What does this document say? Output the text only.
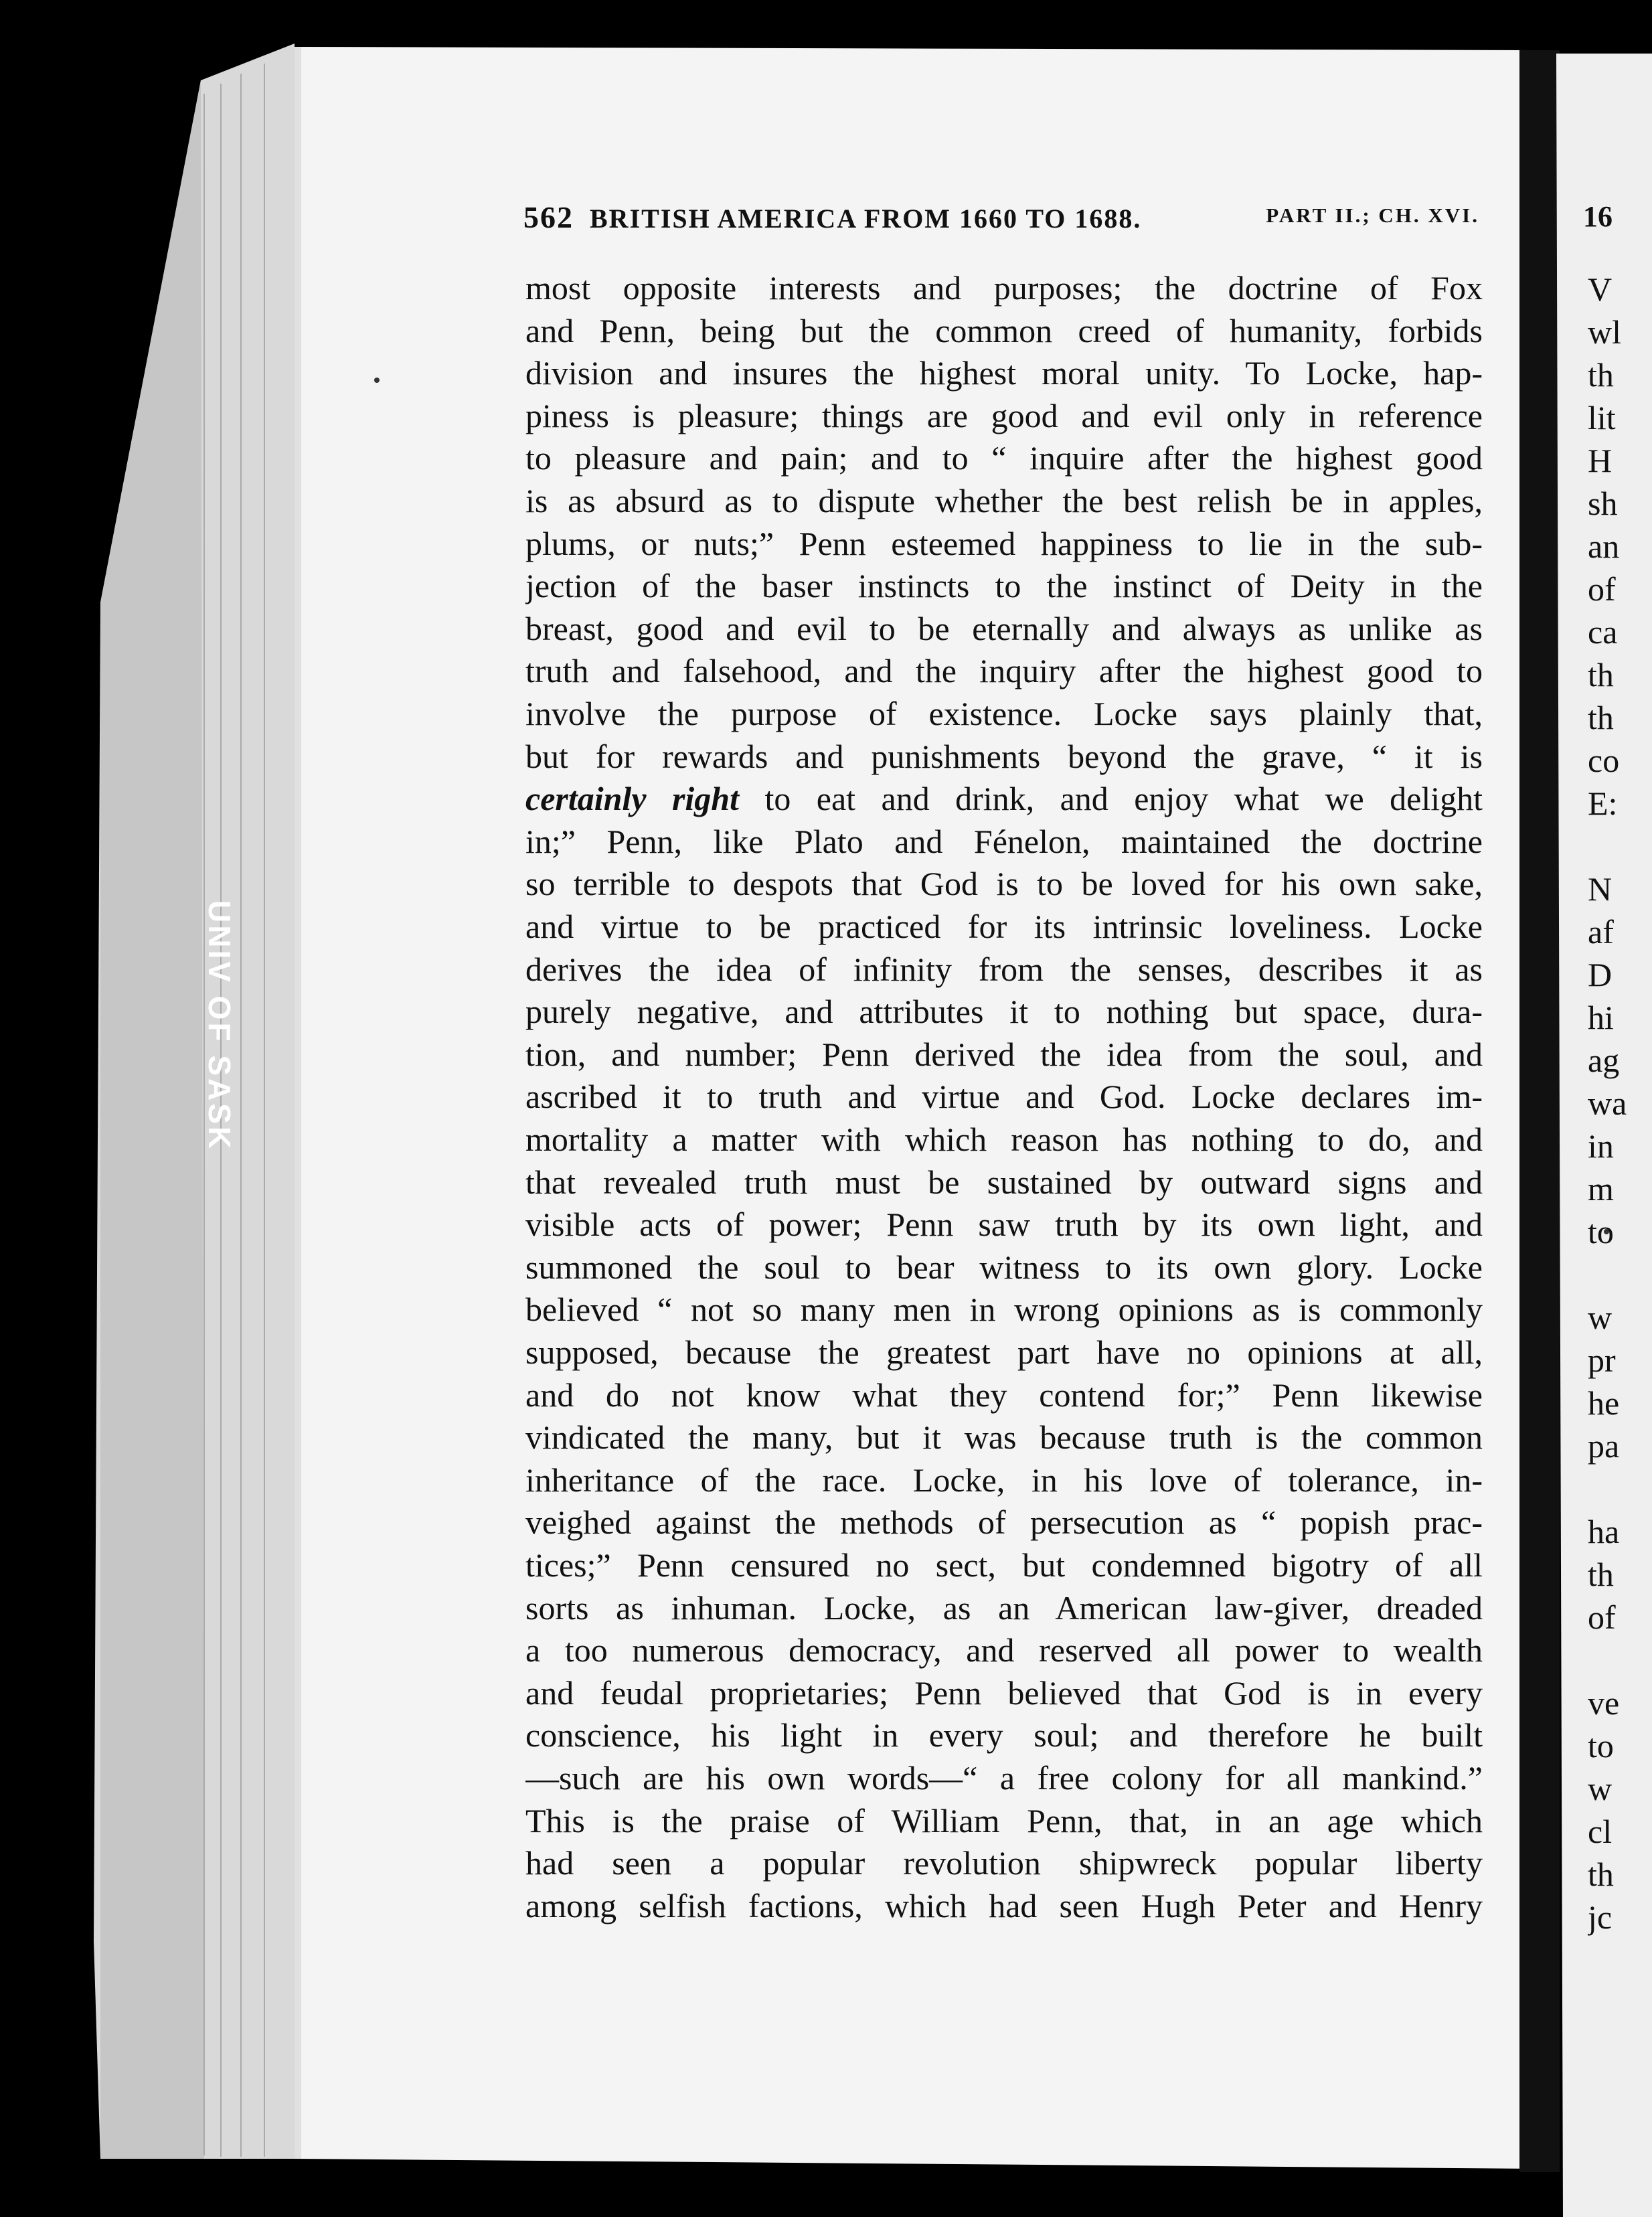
562 BRITISH AMERICA FROM 1660 TO 1688.	PART II.; CH. XVI.
most opposite interests and purposes; the doctrine of Fox
and Penn, being but the common creed of humanity, forbids
division and insures the highest moral unity. To Locke, hap-
piness is pleasure; things are good and evil only in reference
to pleasure and pain; and to “ inquire after the highest good
is as absurd as to dispute whether the best relish be in apples,
plums, or nuts;” Penn esteemed happiness to lie in the sub-
jection of the baser instincts to the instinct of Deity in the
breast, good and evil to be eternally and always as unlike as
truth and falsehood, and the inquiry after the highest good to
involve the purpose of existence. Locke says plainly that,
but for rewards and punishments beyond the grave, “ it is
certainly right to eat and drink, and enjoy what we delight
in;” Penn, like Plato and Fénelon, maintained the doctrine
so terrible to despots that God is to be loved for his own sake,
and virtue to be practiced for its intrinsic loveliness. Locke
derives the idea of infinity from the senses, describes it as
purely negative, and attributes it to nothing but space, dura-
tion, and number; Penn derived the idea from the soul, and
ascribed it to truth and virtue and God. Locke declares im-
mortality a matter with which reason has nothing to do, and
that revealed truth must be sustained by outward signs and
visible acts of power; Penn saw truth by its own light, and
summoned the soul to bear witness to its own glory. Locke
believed “ not so many men in wrong opinions as is commonly
supposed, because the greatest part have no opinions at all,
and do not know what they contend for;” Penn likewise
vindicated the many, but it was because truth is the common
inheritance of the race. Locke, in his love of tolerance, in-
veighed against the methods of persecution as “ popish prac-
tices;” Penn censured no sect, but condemned bigotry of all
sorts as inhuman. Locke, as an American law-giver, dreaded
a too numerous democracy, and reserved all power to wealth
and feudal proprietaries; Penn believed that God is in every
conscience, his light in every soul; and therefore he built
—such are his own words—“ a free colony for all mankind.”
This is the praise of William Penn, that, in an age which
had seen a popular revolution shipwreck popular liberty
among selfish factions, which had seen Hugh Peter and Henry
UNIV OF SASK
16
V
wl
th
lit
H
sh
an
of
ca
th
th
co
E:
N
af
D
hi
ag
wa
in
m
to
w
pr
he
pa
ha
th
of
ve
to
w
cl
th
jc
